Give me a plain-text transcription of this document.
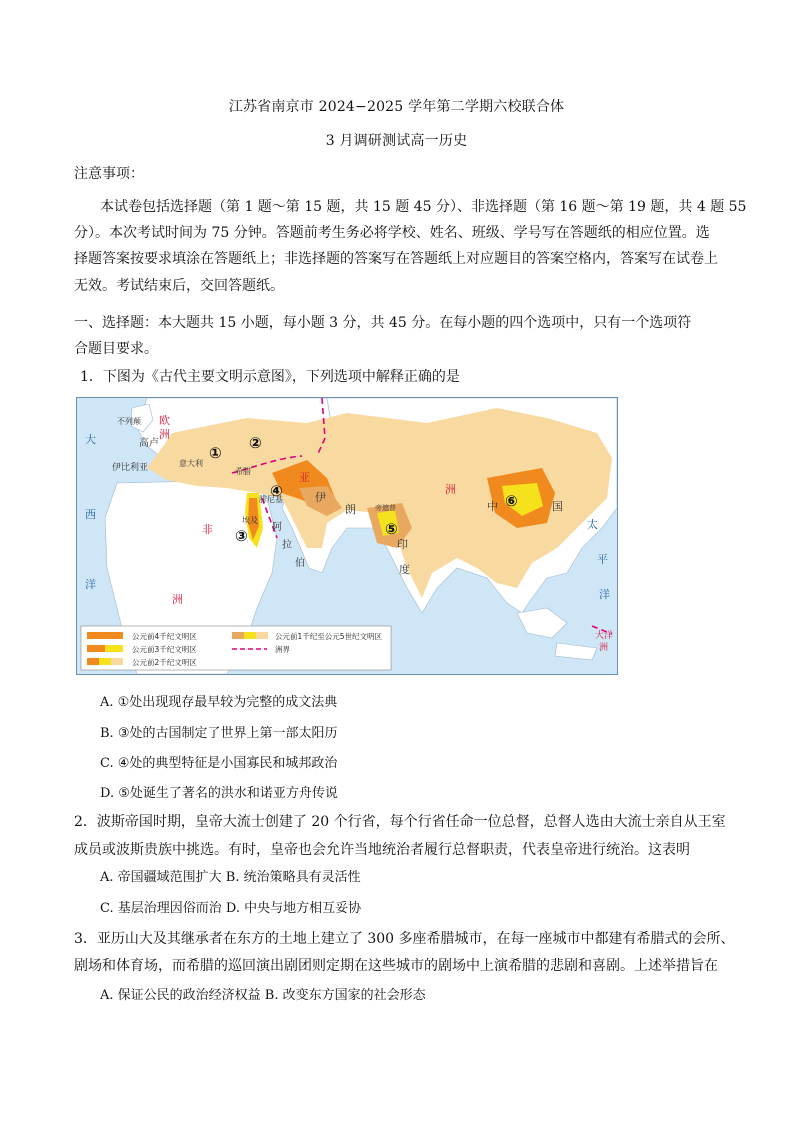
江苏省南京市 2024−2025 学年第二学期六校联合体
3 月调研测试高一历史
注意事项：
本试卷包括选择题（第 1 题～第 15 题，共 15 题 45 分）、非选择题（第 16 题～第 19 题，共 4 题 55
分）。本次考试时间为 75 分钟。答题前考生务必将学校、姓名、班级、学号写在答题纸的相应位置。选
择题答案按要求填涂在答题纸上；非选择题的答案写在答题纸上对应题目的答案空格内，答案写在试卷上
无效。考试结束后，交回答题纸。
一、选择题：本大题共 15 小题，每小题 3 分，共 45 分。在每小题的四个选项中，只有一个选项符
合题目要求。
1．下图为《古代主要文明示意图》，下列选项中解释正确的是
大
西
洋
欧
洲
不列颠
高卢
伊比利亚	意大利
希腊
腓尼基
埃及
阿
拉
伯
非
洲
伊
朗
亚
洲
旁遮普
印
度
中	国
太
平
洋
大洋
洲
①
②
③
④
⑤
⑥
公元前4千纪文明区
公元前3千纪文明区
公元前2千纪文明区
公元前1千纪至公元5世纪文明区
洲界
A. ①处出现现存最早较为完整的成文法典
B. ③处的古国制定了世界上第一部太阳历
C. ④处的典型特征是小国寡民和城邦政治
D. ⑤处诞生了著名的洪水和诺亚方舟传说
2．波斯帝国时期，皇帝大流士创建了 20 个行省，每个行省任命一位总督，总督人选由大流士亲自从王室
成员或波斯贵族中挑选。有时，皇帝也会允许当地统治者履行总督职责，代表皇帝进行统治。这表明
A. 帝国疆域范围扩大 B. 统治策略具有灵活性
C. 基层治理因俗而治 D. 中央与地方相互妥协
3．亚历山大及其继承者在东方的土地上建立了 300 多座希腊城市，在每一座城市中都建有希腊式的会所、
剧场和体育场，而希腊的巡回演出剧团则定期在这些城市的剧场中上演希腊的悲剧和喜剧。上述举措旨在
A. 保证公民的政治经济权益 B. 改变东方国家的社会形态
